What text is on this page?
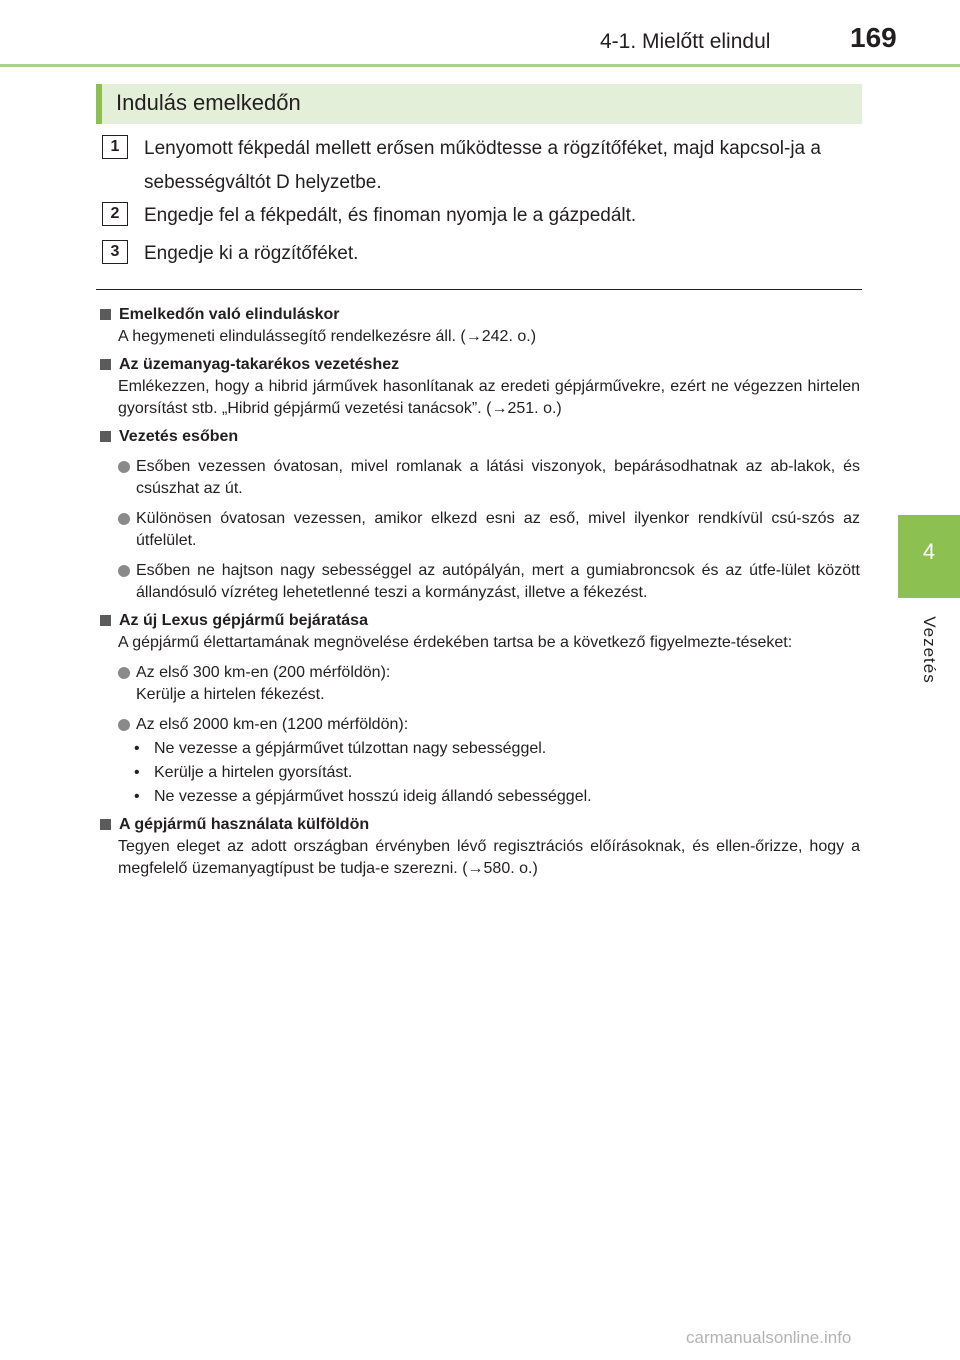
4-1. Mielőtt elindul	169
4
Vezetés
Indulás emelkedőn
1	Lenyomott fékpedál mellett erősen működtesse a rögzítőféket, majd kapcsol-ja a sebességváltót D helyzetbe.
2	Engedje fel a fékpedált, és finoman nyomja le a gázpedált.
3	Engedje ki a rögzítőféket.
Emelkedőn való elinduláskor
A hegymeneti elindulássegítő rendelkezésre áll. (→242. o.)
Az üzemanyag-takarékos vezetéshez
Emlékezzen, hogy a hibrid járművek hasonlítanak az eredeti gépjárművekre, ezért ne végezzen hirtelen gyorsítást stb. „Hibrid gépjármű vezetési tanácsok”. (→251. o.)
Vezetés esőben
Esőben vezessen óvatosan, mivel romlanak a látási viszonyok, bepárásodhatnak az ab-lakok, és csúszhat az út.
Különösen óvatosan vezessen, amikor elkezd esni az eső, mivel ilyenkor rendkívül csú-szós az útfelület.
Esőben ne hajtson nagy sebességgel az autópályán, mert a gumiabroncsok és az útfe-lület között állandósuló vízréteg lehetetlenné teszi a kormányzást, illetve a fékezést.
Az új Lexus gépjármű bejáratása
A gépjármű élettartamának megnövelése érdekében tartsa be a következő figyelmezte-téseket:
Az első 300 km-en (200 mérföldön):
Kerülje a hirtelen fékezést.
Az első 2000 km-en (1200 mérföldön):
• Ne vezesse a gépjárművet túlzottan nagy sebességgel.
• Kerülje a hirtelen gyorsítást.
• Ne vezesse a gépjárművet hosszú ideig állandó sebességgel.
A gépjármű használata külföldön
Tegyen eleget az adott országban érvényben lévő regisztrációs előírásoknak, és ellen-őrizze, hogy a megfelelő üzemanyagtípust be tudja-e szerezni. (→580. o.)
carmanualsonline.info
